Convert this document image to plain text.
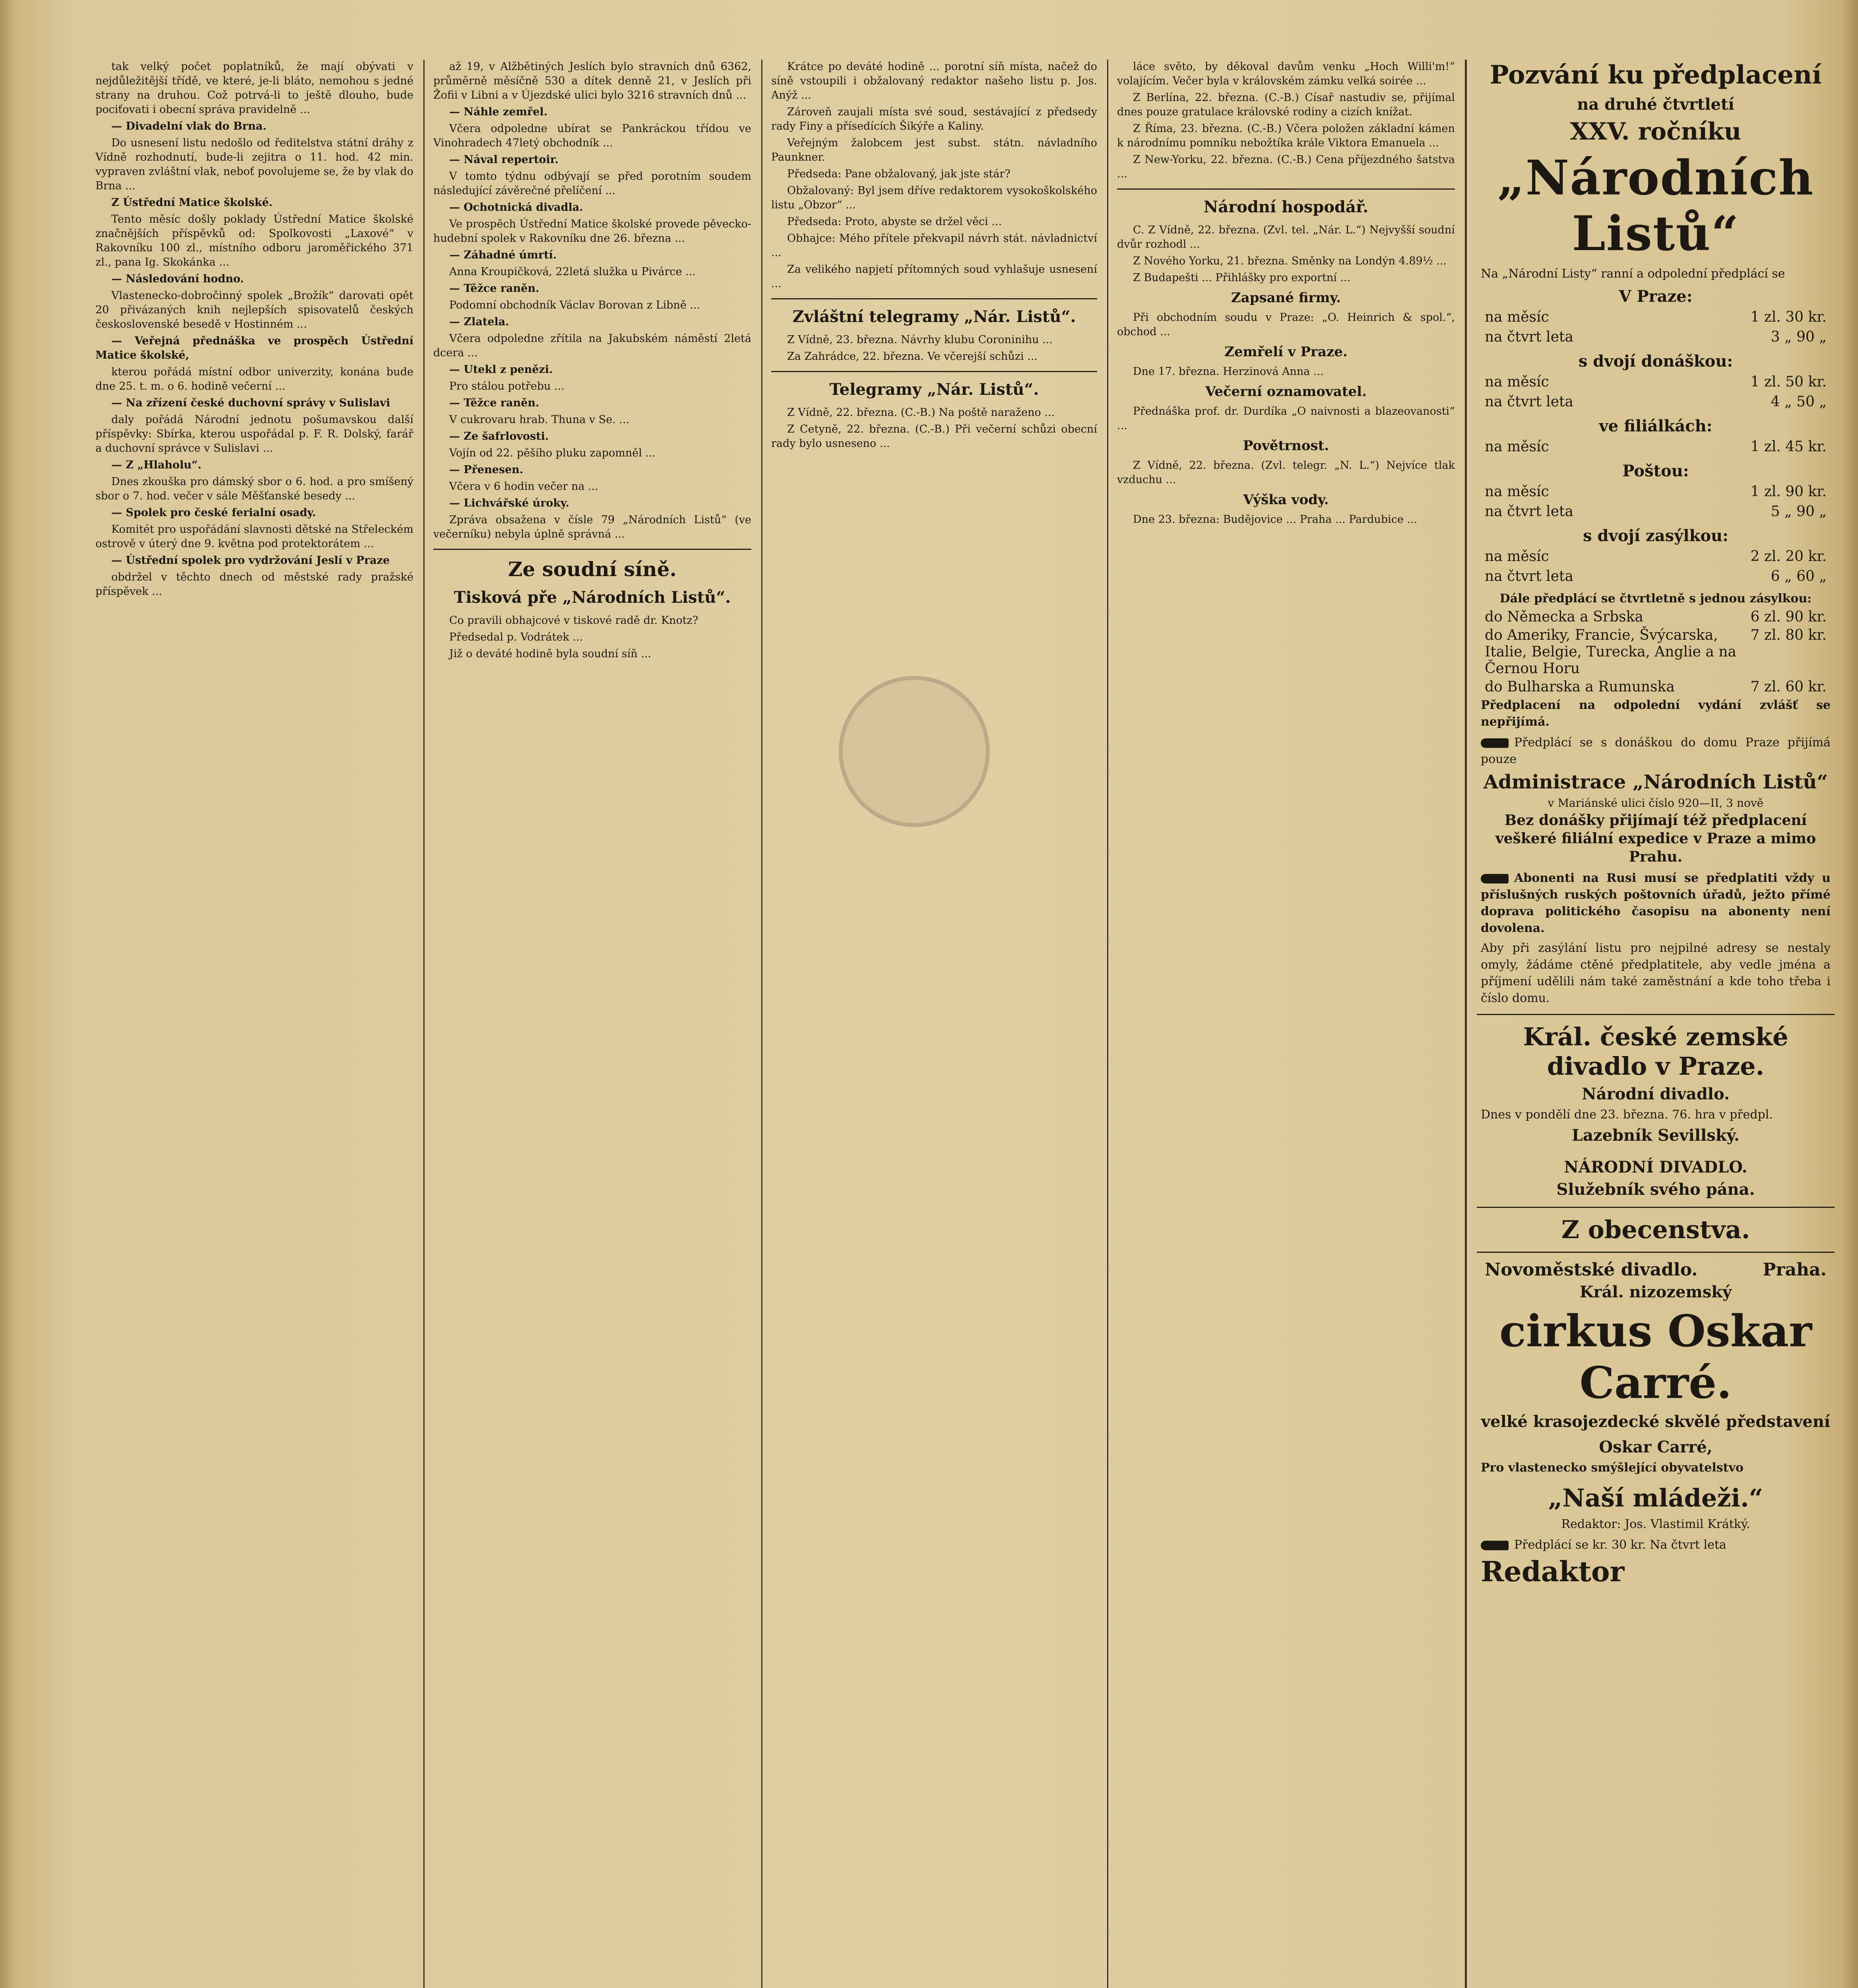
tak velký počet poplatníků, že mají obývati v nejdůležitější třídě, ve které, je-li bláto, nemohou s jedné strany na druhou. Což potrvá-li to ještě dlouho, bude pociťovati i obecní správa pravidelně ...

— Divadelní vlak do Brna.

Do usnesení listu nedošlo od ředitelstva státní dráhy z Vídně rozhodnutí, bude-li zejitra o 11. hod. 42 min. vypraven zvláštní vlak, neboť povolujeme se, že by vlak do Brna ...

Z Ústřední Matice školské.

Tento měsíc došly poklady Ústřední Matice školské značnějších příspěvků od: Spolkovosti „Laxové“ v Rakovníku 100 zl., místního odboru jaroměřického 371 zl., pana Ig. Skokánka ...

— Následování hodno.

Vlastenecko-dobročinný spolek „Brožík“ darovati opět 20 přivázaných knih nejlepších spisovatelů českých československé besedě v Hostinném ...

— Veřejná přednáška ve prospěch Ústřední Matice školské,

kterou pořádá místní odbor univerzity, konána bude dne 25. t. m. o 6. hodině večerní ...

— Na zřízení české duchovní správy v Sulislavi

daly pořádá Národní jednotu pošumavskou další příspěvky: Sbírka, kterou uspořádal p. F. R. Dolský, farář a duchovní správce v Sulislavi ...

— Z „Hlaholu“.

Dnes zkouška pro dámský sbor o 6. hod. a pro smíšený sbor o 7. hod. večer v sále Měšťanské besedy ...

— Spolek pro české ferialní osady.

Komitét pro uspořádání slavnosti dětské na Střeleckém ostrově v úterý dne 9. května pod protektorátem ...

— Ústřední spolek pro vydržování Jeslí v Praze

obdržel v těchto dnech od městské rady pražské příspěvek ...

až 19, v Alžbětiných Jeslích bylo stravních dnů 6362, průměrně měsíčně 530 a dítek denně 21, v Jeslích při Žofii v Libni a v Újezdské ulici bylo 3216 stravních dnů ...

— Náhle zemřel.

Včera odpoledne ubírat se Pankráckou třídou ve Vinohradech 47letý obchodník ...

— Nával repertoir.

V tomto týdnu odbývají se před porotním soudem následující závěrečné přelíčení ...

— Ochotnická divadla.

Ve prospěch Ústřední Matice školské provede pěvecko-hudební spolek v Rakovníku dne 26. března ...

— Záhadné úmrtí.

Anna Kroupičková, 22letá služka u Pivárce ...

— Těžce raněn.

Podomní obchodník Václav Borovan z Libně ...

— Zlatela.

Včera odpoledne zřítila na Jakubském náměstí 2letá dcera ...

— Utekl z penězi.

Pro stálou potřebu ...

— Těžce raněn.

V cukrovaru hrab. Thuna v Se. ...

— Ze šafrlovosti.

Vojín od 22. pěšího pluku zapomněl ...

— Přenesen.

Včera v 6 hodin večer na ...

— Lichvářské úroky.

Zpráva obsažena v čísle 79 „Národních Listů“ (ve večerníku) nebyla úplně správná ...

Ze soudní síně.
Tisková pře „Národních Listů“.

Co pravili obhajcové v tiskové radě dr. Knotz?

Předsedal p. Vodrátek ...

Již o deváté hodině byla soudní síň ...

Krátce po deváté hodině ... porotní síň místa, načež do síně vstoupili i obžalovaný redaktor našeho listu p. Jos. Anýž ...

Zároveň zaujali místa své soud, sestávající z předsedy rady Finy a přísedících Šikýře a Kaliny.

Veřejným žalobcem jest subst. státn. návladního Paunkner.

Předseda: Pane obžalovaný, jak jste stár?

Obžalovaný: Byl jsem dříve redaktorem vysokoškolského listu „Obzor“ ...

Předseda: Proto, abyste se držel věci ...

Obhajce: Mého přítele překvapil návrh stát. návladnictví ...

Za velikého napjetí přítomných soud vyhlašuje usnesení ...

Zvláštní telegramy „Nár. Listů“.

Z Vídně, 23. března. Návrhy klubu Coroninihu ...

Za Zahrádce, 22. března. Ve včerejší schůzi ...

Telegramy „Nár. Listů“.

Z Vídně, 22. března. (C.-B.) Na poště naraženo ...

Z Cetyně, 22. března. (C.-B.) Při večerní schůzi obecní rady bylo usneseno ...

láce světo, by děkoval davům venku „Hoch Willi'm!“ volajícím. Večer byla v královském zámku velká soirée ...

Z Berlína, 22. března. (C.-B.) Císař nastudiv se, přijímal dnes pouze gratulace královské rodiny a cizích knížat.

Z Říma, 23. března. (C.-B.) Včera položen základní kámen k národnímu pomníku nebožtíka krále Viktora Emanuela ...

Z New-Yorku, 22. března. (C.-B.) Cena příjezdného šatstva ...

Národní hospodář.

C. Z Vídně, 22. března. (Zvl. tel. „Nár. L.“) Nejvyšší soudní dvůr rozhodl ...

Z Nového Yorku, 21. března. Směnky na Londýn 4.89½ ...

Z Budapešti ... Přihlášky pro exportní ...

Zapsané firmy.

Při obchodním soudu v Praze: „O. Heinrich & spol.“, obchod ...

Zemřelí v Praze.

Dne 17. března. Herzinová Anna ...

Večerní oznamovatel.

Přednáška prof. dr. Durdíka „O naivnosti a blazeovanosti“ ...

Povětrnost.

Z Vídně, 22. března. (Zvl. telegr. „N. L.“) Nejvíce tlak vzduchu ...

Výška vody.

Dne 23. března: Budějovice ... Praha ... Pardubice ...

Pozvání ku předplacení
na druhé čtvrtletí
XXV. ročníku
„Národních Listů“
Na „Národní Listy“ ranní a odpolední předplácí se
V Praze:
na měsíc	1 zl. 30 kr.
na čtvrt leta	3 „ 90 „
s dvojí donáškou:
na měsíc	1 zl. 50 kr.
na čtvrt leta	4 „ 50 „
ve filiálkách:
na měsíc	1 zl. 45 kr.
Poštou:
na měsíc	1 zl. 90 kr.
na čtvrt leta	5 „ 90 „
s dvojí zasýlkou:
na měsíc	2 zl. 20 kr.
na čtvrt leta	6 „ 60 „
Dále předplácí se čtvrtletně s jednou zásylkou:
do Německa a Srbska	6 zl. 90 kr.
do Ameriky, Francie, Švýcarska, Italie, Belgie, Turecka, Anglie a na Černou Horu
7 zl. 80 kr.
do Bulharska a Rumunska	7 zl. 60 kr.
Předplacení na odpolední vydání zvlášť se nepřijímá.
Předplácí se s donáškou do domu Praze přijímá pouze
Administrace „Národních Listů“
v Mariánské ulici číslo 920—II, 3 nově
Bez donášky přijímají též předplacení veškeré filiální expedice v Praze a mimo Prahu.
Abonenti na Rusi musí se předplatiti vždy u příslušných ruských poštovních úřadů, ježto přímé doprava politického časopisu na abonenty není dovolena.
Aby při zasýlání listu pro nejpilné adresy se nestaly omyly, žádáme ctěné předplatitele, aby vedle jména a příjmení udělili nám také zaměstnání a kde toho třeba i číslo domu.
Král. české zemské divadlo v Praze.
Národní divadlo.
Dnes v pondělí dne 23. března. 76. hra v předpl.
Lazebník Sevillský.
NÁRODNÍ DIVADLO.
Služebník svého pána.
Z obecenstva.
Novoměstské divadlo.	Praha.
Král. nizozemský
cirkus Oskar Carré.
velké krasojezdecké skvělé představení
Oskar Carré,
Pro vlastenecko smýšlející obyvatelstvo
„Naší mládeži.“
Redaktor: Jos. Vlastimil Krátký.
Předplácí se kr. 30 kr. Na čtvrt leta
Redaktor
